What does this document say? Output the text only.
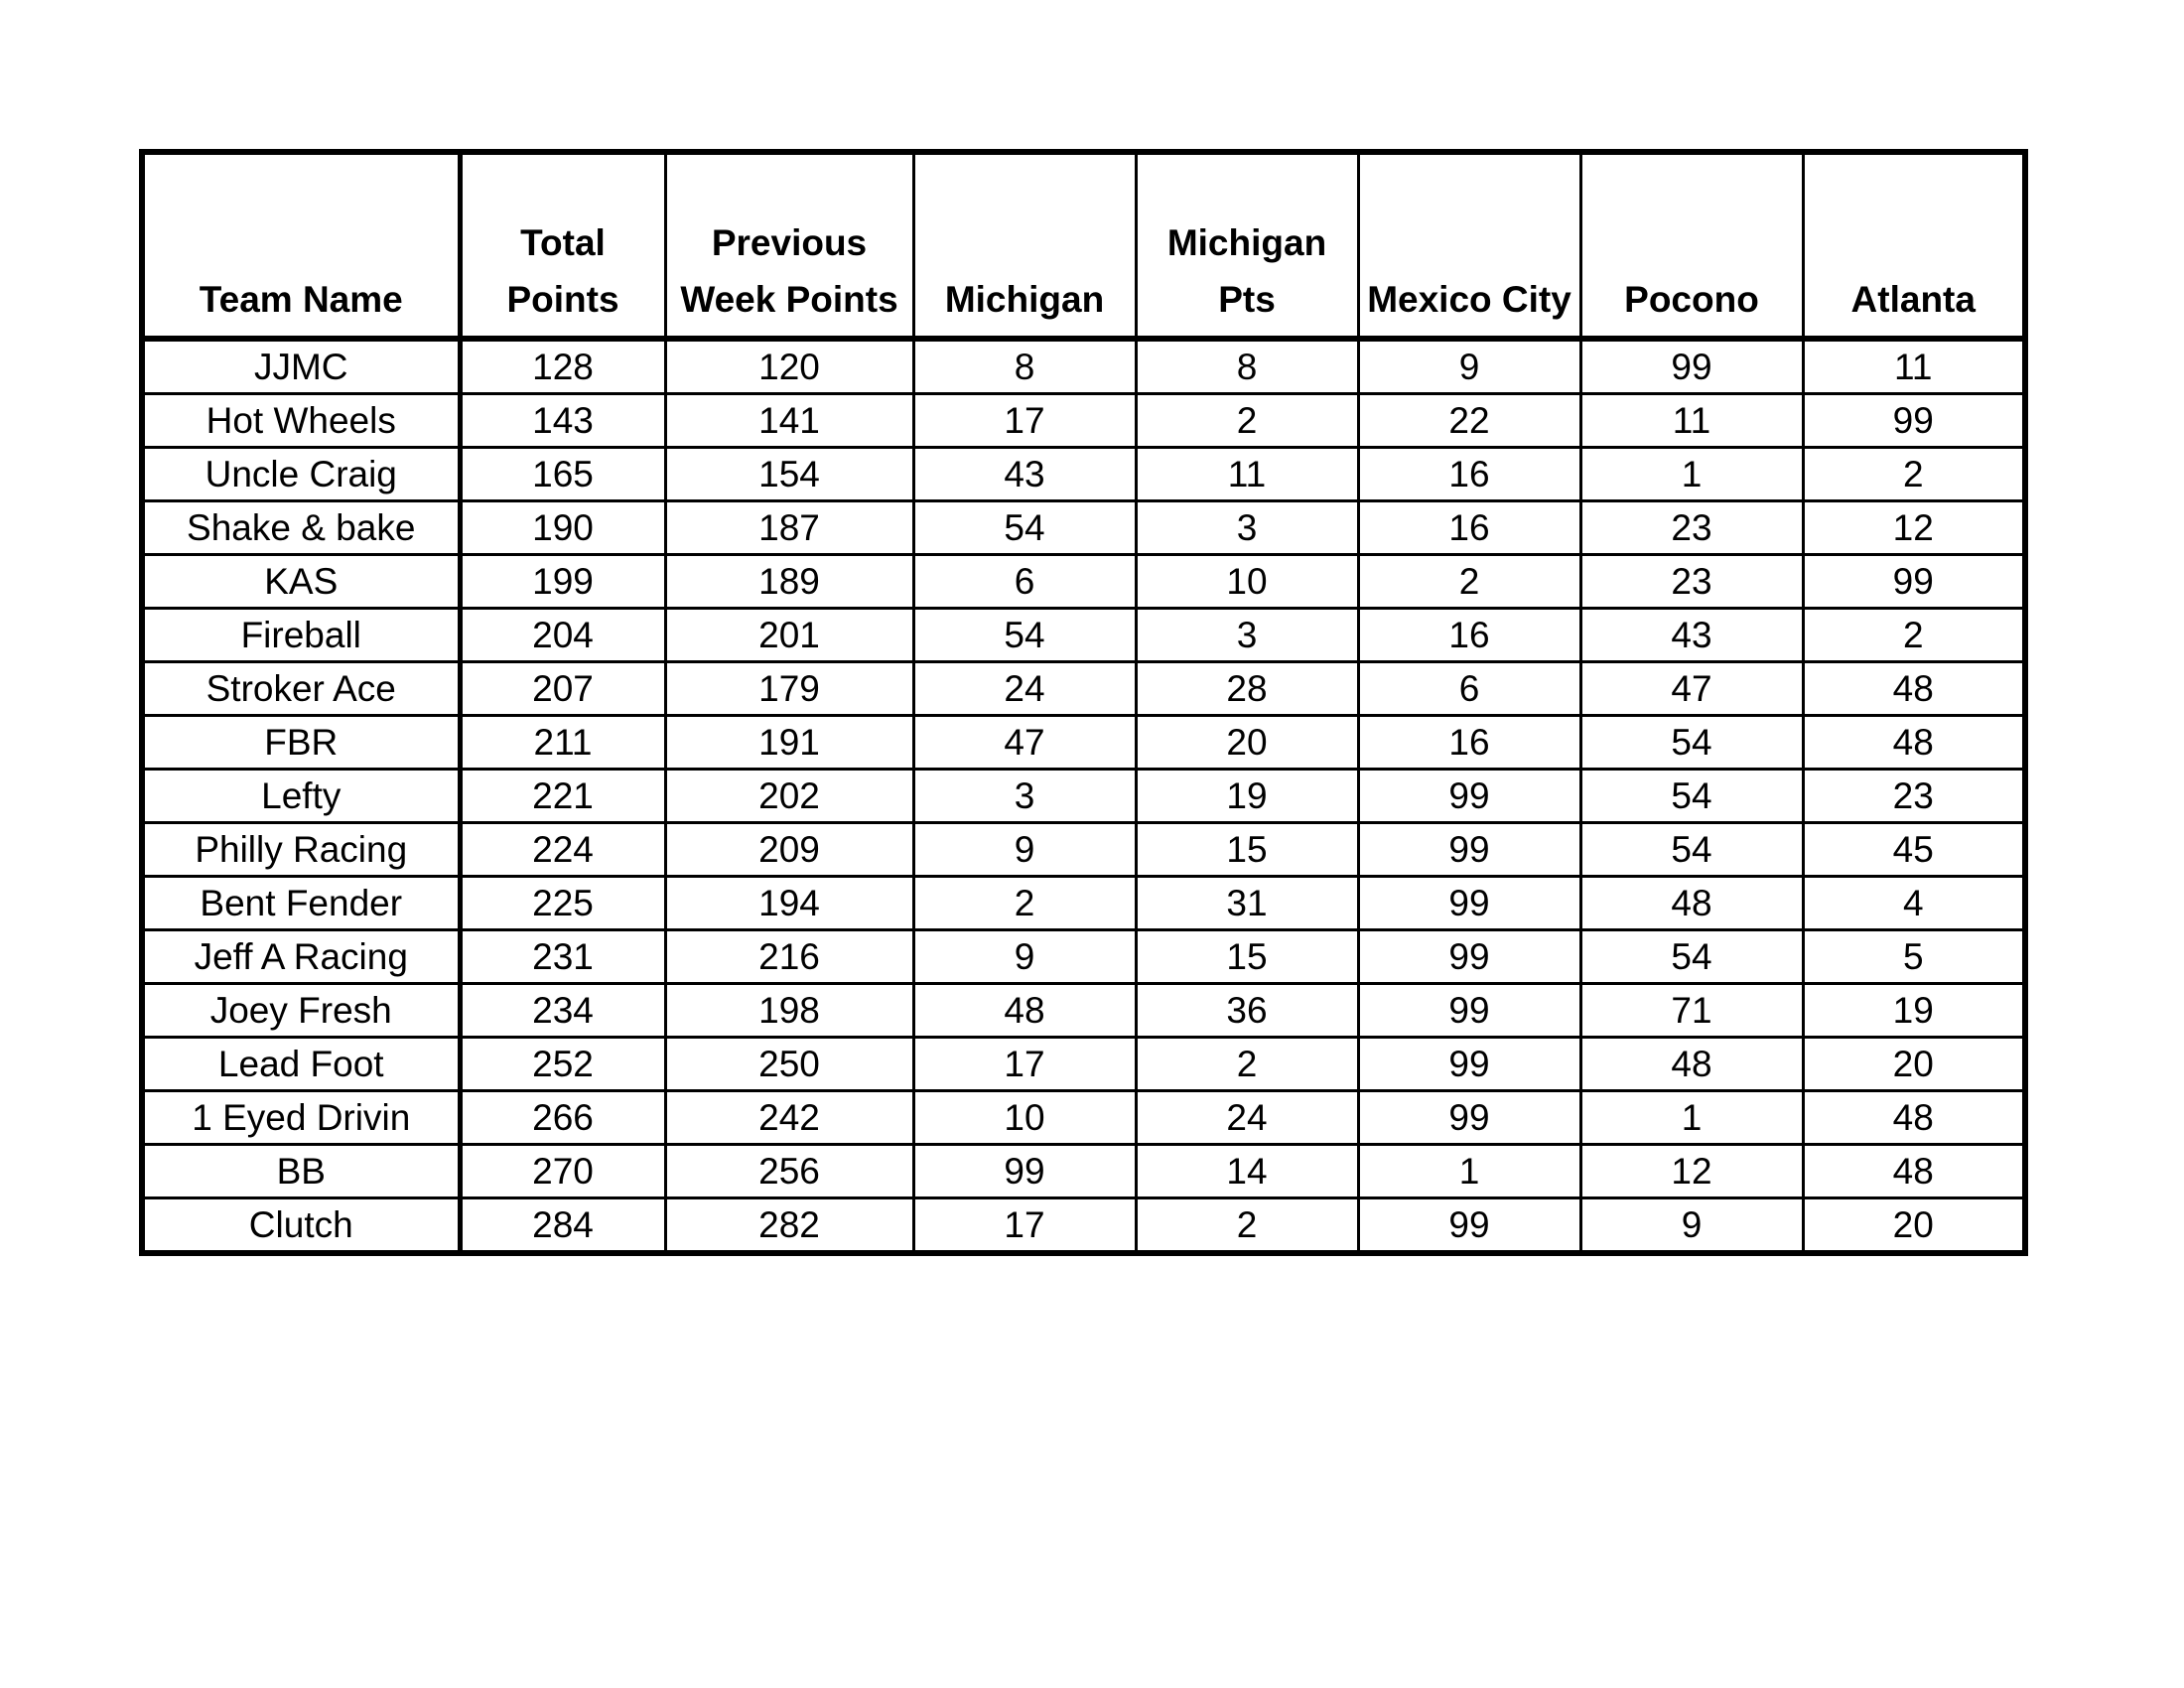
Team Name	Total Points	Previous Week Points	Michigan	Michigan Pts	Mexico City	Pocono	Atlanta
JJMC	128	120	8	8	9	99	11
Hot Wheels	143	141	17	2	22	11	99
Uncle Craig	165	154	43	11	16	1	2
Shake & bake	190	187	54	3	16	23	12
KAS	199	189	6	10	2	23	99
Fireball	204	201	54	3	16	43	2
Stroker Ace	207	179	24	28	6	47	48
FBR	211	191	47	20	16	54	48
Lefty	221	202	3	19	99	54	23
Philly Racing	224	209	9	15	99	54	45
Bent Fender	225	194	2	31	99	48	4
Jeff A Racing	231	216	9	15	99	54	5
Joey Fresh	234	198	48	36	99	71	19
Lead Foot	252	250	17	2	99	48	20
1 Eyed Drivin	266	242	10	24	99	1	48
BB	270	256	99	14	1	12	48
Clutch	284	282	17	2	99	9	20
